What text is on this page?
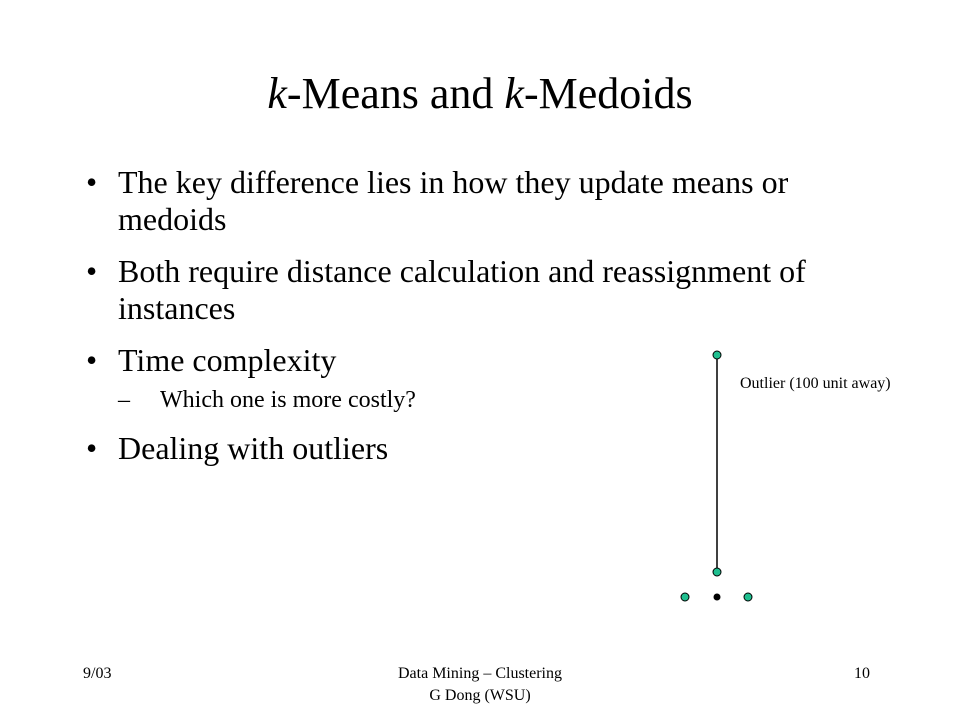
k-Means and k-Medoids
• The key difference lies in how they update means or medoids
• Both require distance calculation and reassignment of instances
• Time complexity
– Which one is more costly?
• Dealing with outliers
Outlier (100 unit away)
9/03	Data Mining – Clustering
G Dong (WSU)
10
